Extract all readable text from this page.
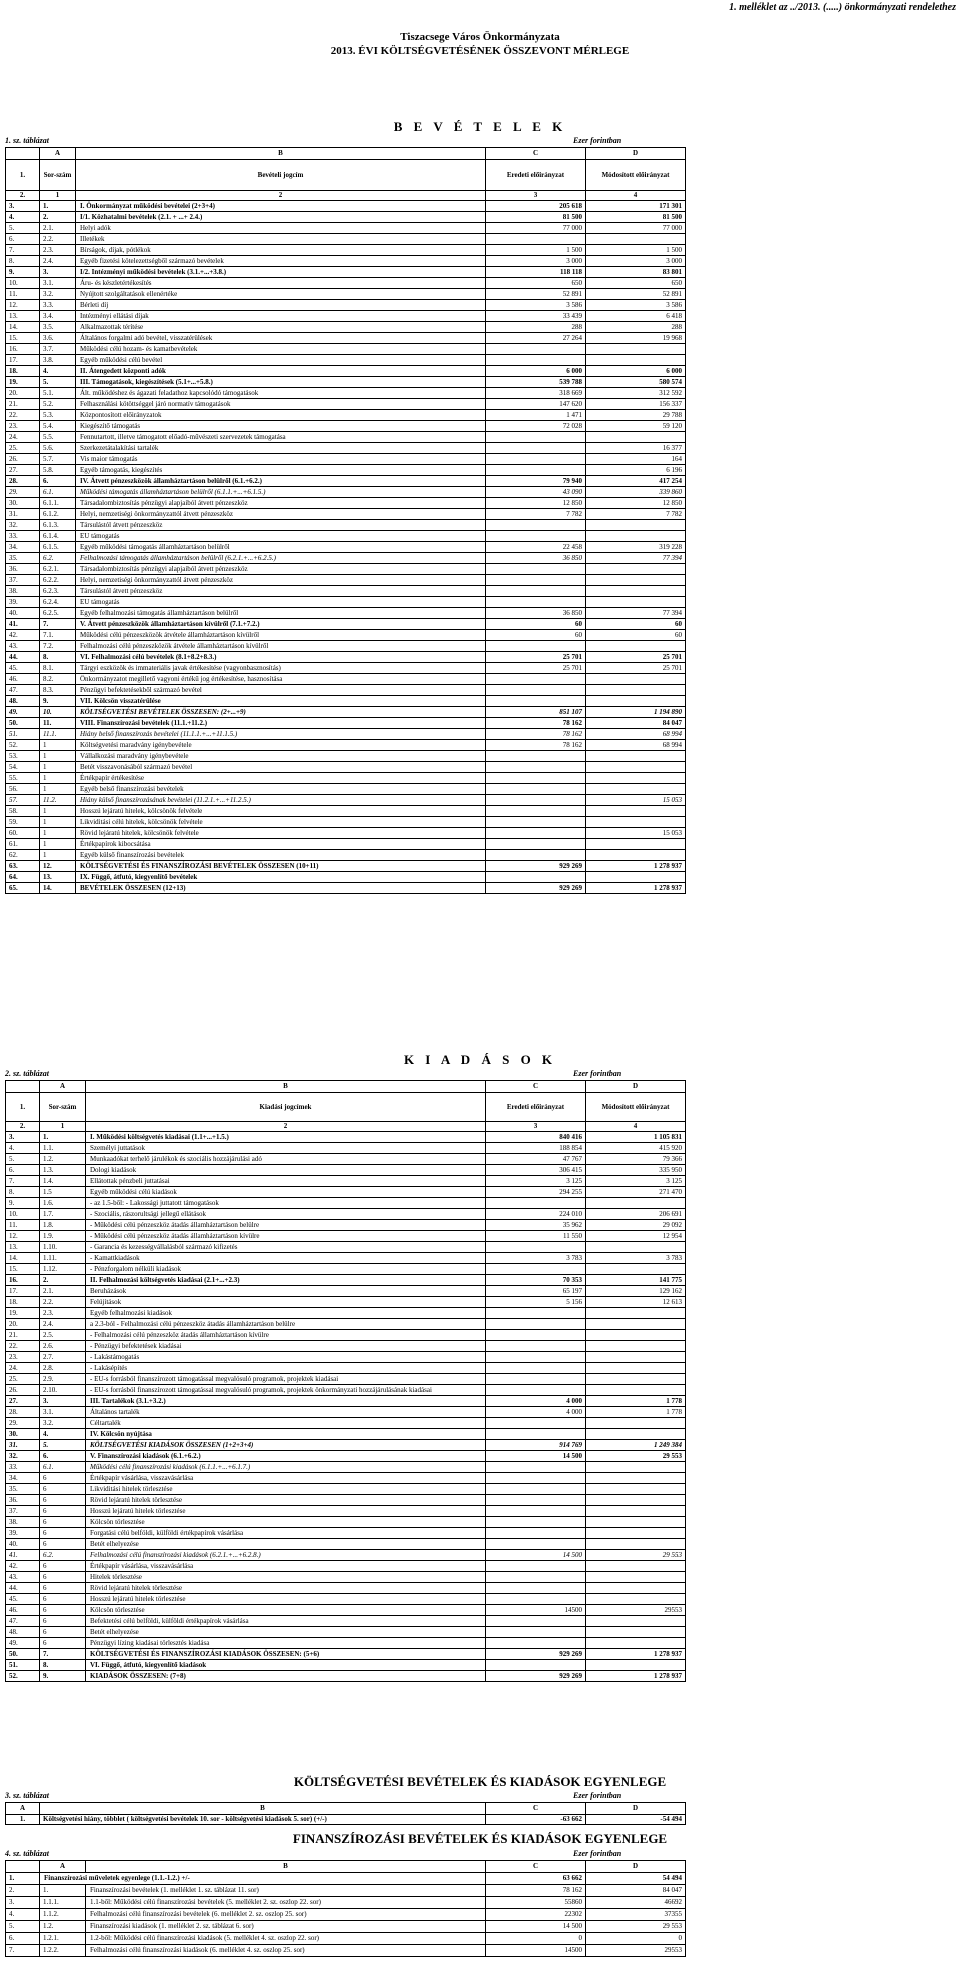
1. melléklet az ../2013. (.....) önkormányzati rendelethez
Tiszacsege Város Önkormányzata
2013. ÉVI KÖLTSÉGVETÉSÉNEK ÖSSZEVONT MÉRLEGE
B E V É T E L E K
1. sz. táblázat	Ezer forintban
	A	B	C	D
1.	Sor-szám	Bevételi jogcím	Eredeti előirányzat	Módosított előirányzat
2.	1	2	3	4
3.	1.	I. Önkormányzat működési bevételei (2+3+4)	205 618	171 301
4.	2.	I/1. Közhatalmi bevételek (2.1. + ...+ 2.4.)	81 500	81 500
5.	2.1.	Helyi adók	77 000	77 000
6.	2.2.	Illetékek		
7.	2.3.	Bírságok, díjak, pótlékok	1 500	1 500
8.	2.4.	Egyéb fizetési kötelezettségből származó bevételek	3 000	3 000
9.	3.	I/2. Intézményi működési bevételek (3.1.+...+3.8.)	118 118	83 801
10.	3.1.	Áru- és készletértékesítés	650	650
11.	3.2.	Nyújtott szolgáltatások ellenértéke	52 891	52 891
12.	3.3.	Bérleti díj	3 586	3 586
13.	3.4.	Intézményi ellátási díjak	33 439	6 418
14.	3.5.	Alkalmazottak térítése	288	288
15.	3.6.	Általános forgalmi adó bevétel, visszatérülések	27 264	19 968
16.	3.7.	Működési célú hozam- és kamatbevételek		
17.	3.8.	Egyéb működési célú bevétel		
18.	4.	II. Átengedett központi adók	6 000	6 000
19.	5.	III. Támogatások, kiegészítések (5.1+...+5.8.)	539 788	580 574
20.	5.1.	Ált. működéshez és ágazati feladathoz kapcsolódó támogatások	318 669	312 592
21.	5.2.	Felhasználási kötöttséggel járó normatív támogatások	147 620	156 337
22.	5.3.	Központosított előirányzatok	1 471	29 788
23.	5.4.	Kiegészítő támogatás	72 028	59 120
24.	5.5.	Fennutartott, illetve támogatott előadó-művészeti szervezetek támogatása		
25.	5.6.	Szerkezetátalakítási tartalék		16 377
26.	5.7.	Vis maior támogatás		164
27.	5.8.	Egyéb támogatás, kiegészítés		6 196
28.	6.	IV. Átvett pénzeszközök államháztartáson belülről (6.1.+6.2.)	79 940	417 254
29.	6.1.	Működési támogatás államháztartáson belülről (6.1.1.+...+6.1.5.)	43 090	339 860
30.	6.1.1.	Társadalombiztosítás pénzügyi alapjaiból átvett pénzeszköz	12 850	12 850
31.	6.1.2.	Helyi, nemzetiségi önkormányzattól átvett pénzeszköz	7 782	7 782
32.	6.1.3.	Társulástól átvett pénzeszköz		
33.	6.1.4.	EU támogatás		
34.	6.1.5.	Egyéb működési támogatás államháztartáson belülről	22 458	319 228
35.	6.2.	Felhalmozási támogatás államháztartáson belülről (6.2.1.+...+6.2.5.)	36 850	77 394
36.	6.2.1.	Társadalombiztosítás pénzügyi alapjaiból átvett pénzeszköz		
37.	6.2.2.	Helyi, nemzetiségi önkormányzattól átvett pénzeszköz		
38.	6.2.3.	Társulástól átvett pénzeszköz		
39.	6.2.4.	EU támogatás		
40.	6.2.5.	Egyéb felhalmozási támogatás államháztartáson belülről	36 850	77 394
41.	7.	V. Átvett pénzeszközök államháztartáson kívülről (7.1.+7.2.)	60	60
42.	7.1.	Működési célú pénzeszközök átvétele államháztartáson kívülről	60	60
43.	7.2.	Felhalmozási célú pénzeszközök átvétele államháztartáson kívülről		
44.	8.	VI. Felhalmozási célú bevételek (8.1+8.2+8.3.)	25 701	25 701
45.	8.1.	Tárgyi eszközök és immateriális javak értékesítése (vagyonbasznosítás)	25 701	25 701
46.	8.2.	Önkormányzatot megillető vagyoni értékű jog értékesítése, hasznosítása		
47.	8.3.	Pénzügyi befektetésekből származó bevétel		
48.	9.	VII. Kölcsön visszatérülése		
49.	10.	KÖLTSÉGVETÉSI BEVÉTELEK ÖSSZESEN: (2+...+9)	851 107	1 194 890
50.	11.	VIII. Finanszírozási bevételek (11.1.+11.2.)	78 162	84 047
51.	11.1.	Hiány belső finanszírozás bevételei (11.1.1.+...+11.1.5.)	78 162	68 994
52.	1	Költségvetési maradvány igénybevétele	78 162	68 994
53.	1	Vállalkozási maradvány igénybevétele		
54.	1	Betét visszavonásából származó bevétel		
55.	1	Értékpapír értékesítése		
56.	1	Egyéb belső finanszírozási bevételek		
57.	11.2.	Hiány külső finanszírozásának bevételei (11.2.1.+...+11.2.5.)		15 053
58.	1	Hosszú lejáratú hitelek, kölcsönök felvétele		
59.	1	Likviditási célú hitelek, kölcsönök felvétele		
60.	1	Rövid lejáratú hitelek, kölcsönök felvétele		15 053
61.	1	Értékpapírok kibocsátása		
62.	1	Egyéb külső finanszírozási bevételek		
63.	12.	KÖLTSÉGVETÉSI ÉS FINANSZÍROZÁSI BEVÉTELEK ÖSSZESEN (10+11)	929 269	1 278 937
64.	13.	IX. Függő, átfutó, kiegyenlítő bevételek		
65.	14.	BEVÉTELEK ÖSSZESEN (12+13)	929 269	1 278 937
K I A D Á S O K
2. sz. táblázat	Ezer forintban
	A	B	C	D
1.	Sor-szám	Kiadási jogcímek	Eredeti előirányzat	Módosított előirányzat
2.	1	2	3	4
3.	1.	I. Működési költségvetés kiadásai (1.1+...+1.5.)	840 416	1 105 831
4.	1.1.	Személyi juttatások	188 854	415 920
5.	1.2.	Munkaadókat terhelő járulékok és szociális hozzájárulási adó	47 767	79 366
6.	1.3.	Dologi kiadások	306 415	335 950
7.	1.4.	Ellátottak pénzbeli juttatásai	3 125	3 125
8.	1.5	Egyéb működési célú kiadások	294 255	271 470
9.	1.6.	- az 1.5-ből: - Lakossági juttatott támogatások		
10.	1.7.	- Szociális, rászorultsági jellegű ellátások	224 010	206 691
11.	1.8.	- Működési célú pénzeszköz átadás államháztartáson belülre	35 962	29 092
12.	1.9.	- Működési célú pénzeszköz átadás államháztartáson kívülre	11 550	12 954
13.	1.10.	- Garancia és kezességvállalásból származó kifizetés		
14.	1.11.	- Kamattkiadások	3 783	3 783
15.	1.12.	- Pénzforgalom nélküli kiadások		
16.	2.	II. Felhalmozási költségvetés kiadásai (2.1+...+2.3)	70 353	141 775
17.	2.1.	Beruházások	65 197	129 162
18.	2.2.	Felújítások	5 156	12 613
19.	2.3.	Egyéb felhalmozási kiadások		
20.	2.4.	a 2.3-ból - Felhalmozási célú pénzeszköz átadás államháztartáson belülre		
21.	2.5.	- Felhalmozási célú pénzeszköz átadás államháztartáson kívülre		
22.	2.6.	- Pénzügyi befektetések kiadásai		
23.	2.7.	- Lakástámogatás		
24.	2.8.	- Lakásépítés		
25.	2.9.	- EU-s forrásból finanszírozott támogatással megvalósuló programok, projektek kiadásai		
26.	2.10.	- EU-s forrásból finanszírozott támogatással megvalósuló programok, projektek önkormányzati hozzájárulásának kiadásai		
27.	3.	III. Tartalékok (3.1.+3.2.)	4 000	1 778
28.	3.1.	Általános tartalék	4 000	1 778
29.	3.2.	Céltartalék		
30.	4.	IV. Kölcsön nyújtása		
31.	5.	KÖLTSÉGVETÉSI KIADÁSOK ÖSSZESEN (1+2+3+4)	914 769	1 249 384
32.	6.	V. Finanszírozási kiadások (6.1.+6.2.)	14 500	29 553
33.	6.1.	Működési célú finanszírozási kiadások (6.1.1.+...+6.1.7.)		
34.	6	Értékpapír vásárlása, visszavásárlása		
35.	6	Likviditási hitelek törlesztése		
36.	6	Rövid lejáratú hitelek törlesztése		
37.	6	Hosszú lejáratú hitelek törlesztése		
38.	6	Kölcsön törlesztése		
39.	6	Forgatási célú belföldi, külföldi értékpapírok vásárlása		
40.	6	Betét elhelyezése		
41.	6.2.	Felhalmozási célú finanszírozási kiadások (6.2.1.+...+6.2.8.)	14 500	29 553
42.	6	Értékpapír vásárlása, visszavásárlása		
43.	6	Hitelek törlesztése		
44.	6	Rövid lejáratú hitelek törlesztése		
45.	6	Hosszú lejáratú hitelek törlesztése		
46.	6	Kölcsön törlesztése	14500	29553
47.	6	Befektetési célú belföldi, külföldi értékpapírok vásárlása		
48.	6	Betét elhelyezése		
49.	6	Pénzügyi lízing kiadásai törlesztés kiadása		
50.	7.	KÖLTSÉGVETÉSI ÉS FINANSZÍROZÁSI KIADÁSOK ÖSSZESEN: (5+6)	929 269	1 278 937
51.	8.	VI. Függő, átfutó, kiegyenlítő kiadások		
52.	9.	KIADÁSOK ÖSSZESEN: (7+8)	929 269	1 278 937
KÖLTSÉGVETÉSI BEVÉTELEK ÉS KIADÁSOK EGYENLEGE
3. sz. táblázat	Ezer forintban
A	B	C	D
1.	Költségvetési hiány, többlet ( költségvetési bevételek 10. sor - költségvetési kiadások 5. sor) (+/-)	-63 662	-54 494
FINANSZÍROZÁSI BEVÉTELEK ÉS KIADÁSOK EGYENLEGE
4. sz. táblázat	Ezer forintban
	A	B	C	D
1.	Finanszírozási műveletek egyenlege (1.1.-1.2.) +/-		63 662	54 494
2.	1.	Finanszírozási bevételek (1. melléklet 1. sz. táblázat 11. sor)	78 162	84 047
3.	1.1.1.	1.1-ből: Működési célú finanszírozási bevételek (5. melléklet 2. sz. oszlop 22. sor)	55860	46692
4.	1.1.2.	Felhalmozási célú finanszírozási bevételek (6. melléklet 2. sz. oszlop 25. sor)	22302	37355
5.	1.2.	Finanszírozási kiadások (1. melléklet 2. sz. táblázat 6. sor)	14 500	29 553
6.	1.2.1.	1.2-ből: Működési célú finanszírozási kiadások (5. melléklet 4. sz. oszlop 22. sor)	0	0
7.	1.2.2.	Felhalmozási célú finanszírozási kiadások (6. melléklet 4. sz. oszlop 25. sor)	14500	29553
